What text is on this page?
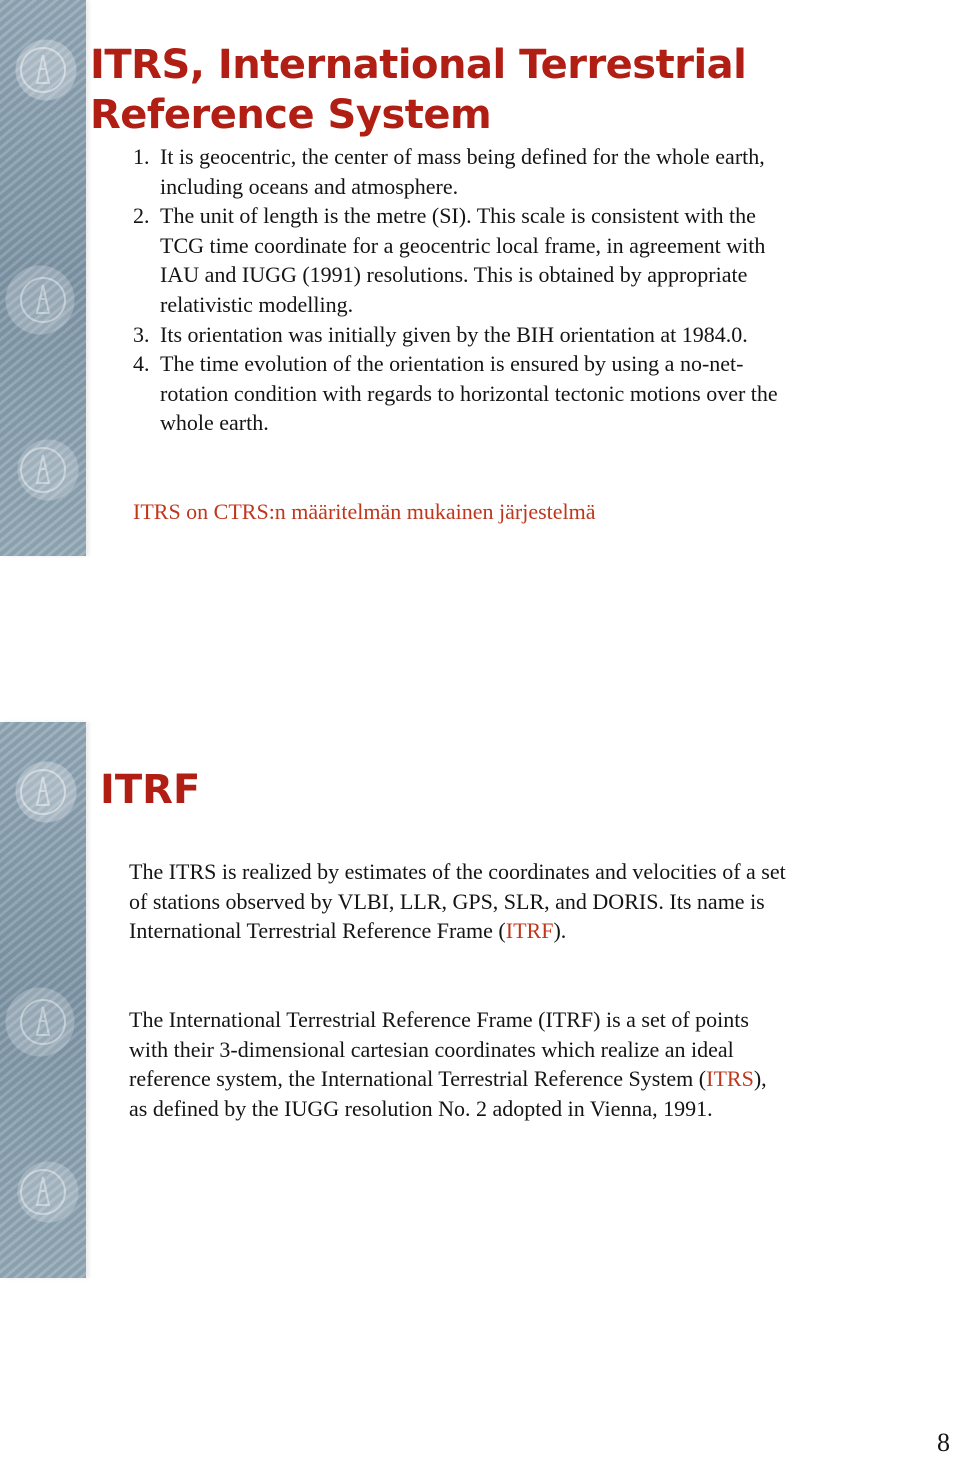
ITRS, International Terrestrial Reference System
1. It is geocentric, the center of mass being defined for the whole earth, including oceans and atmosphere.
2. The unit of length is the metre (SI). This scale is consistent with the TCG time coordinate for a geocentric local frame, in agreement with IAU and IUGG (1991) resolutions. This is obtained by appropriate relativistic modelling.
3. Its orientation was initially given by the BIH orientation at 1984.0.
4. The time evolution of the orientation is ensured by using a no-net-rotation condition with regards to horizontal tectonic motions over the whole earth.

ITRS on CTRS:n määritelmän mukainen järjestelmä

ITRF

The ITRS is realized by estimates of the coordinates and velocities of a set of stations observed by VLBI, LLR, GPS, SLR, and DORIS. Its name is International Terrestrial Reference Frame (ITRF).

The International Terrestrial Reference Frame (ITRF) is a set of points with their 3-dimensional cartesian coordinates which realize an ideal reference system, the International Terrestrial Reference System (ITRS), as defined by the IUGG resolution No. 2 adopted in Vienna, 1991.

8
